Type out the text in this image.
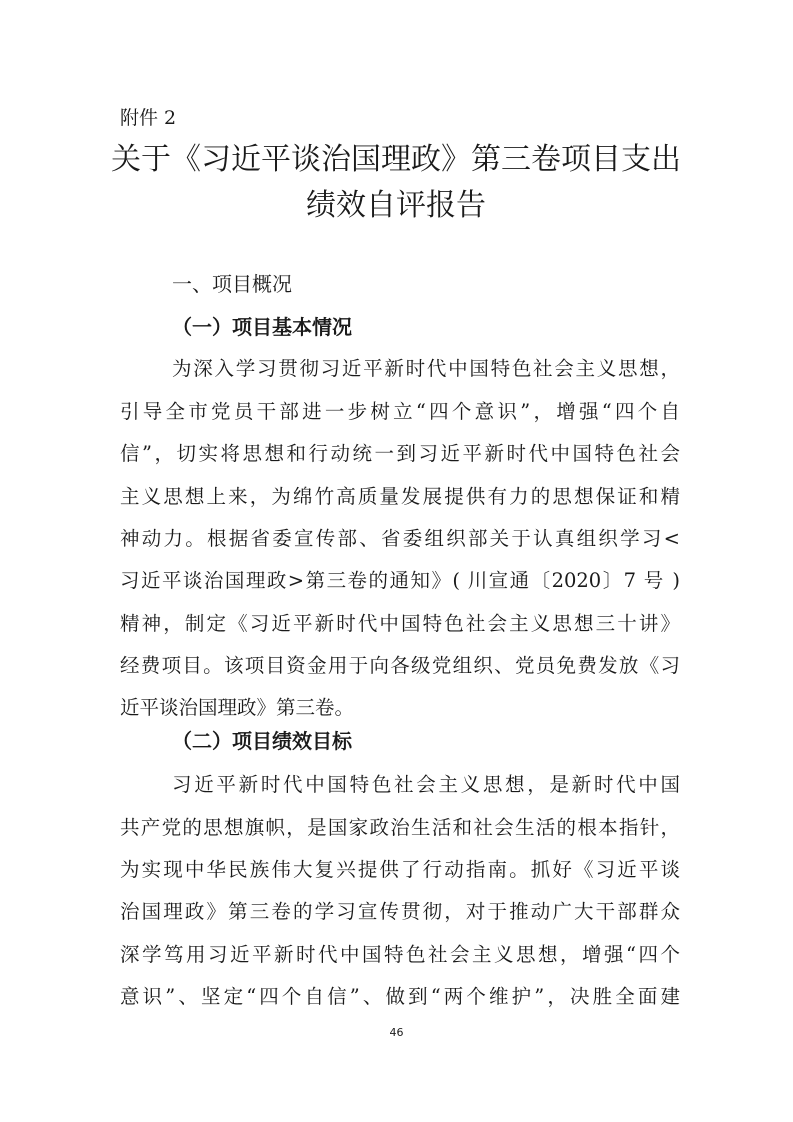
附件 2
关于《习近平谈治国理政》第三卷项目支出
绩效自评报告
一、项目概况
（一）项目基本情况
为深入学习贯彻习近平新时代中国特色社会主义思想，
引导全市党员干部进一步树立“四个意识”，增强“四个自
信”，切实将思想和行动统一到习近平新时代中国特色社会
主义思想上来，为绵竹高质量发展提供有力的思想保证和精
神动力。根据省委宣传部、省委组织部关于认真组织学习<
习近平谈治国理政>第三卷的通知》( 川宣通〔2020〕7 号 )
精神，制定《习近平新时代中国特色社会主义思想三十讲》
经费项目。该项目资金用于向各级党组织、党员免费发放《习
近平谈治国理政》第三卷。
（二）项目绩效目标
习近平新时代中国特色社会主义思想，是新时代中国
共产党的思想旗帜，是国家政治生活和社会生活的根本指针，
为实现中华民族伟大复兴提供了行动指南。抓好《习近平谈
治国理政》第三卷的学习宣传贯彻，对于推动广大干部群众
深学笃用习近平新时代中国特色社会主义思想，增强“四个
意识”、坚定“四个自信”、做到“两个维护”，决胜全面建
46
